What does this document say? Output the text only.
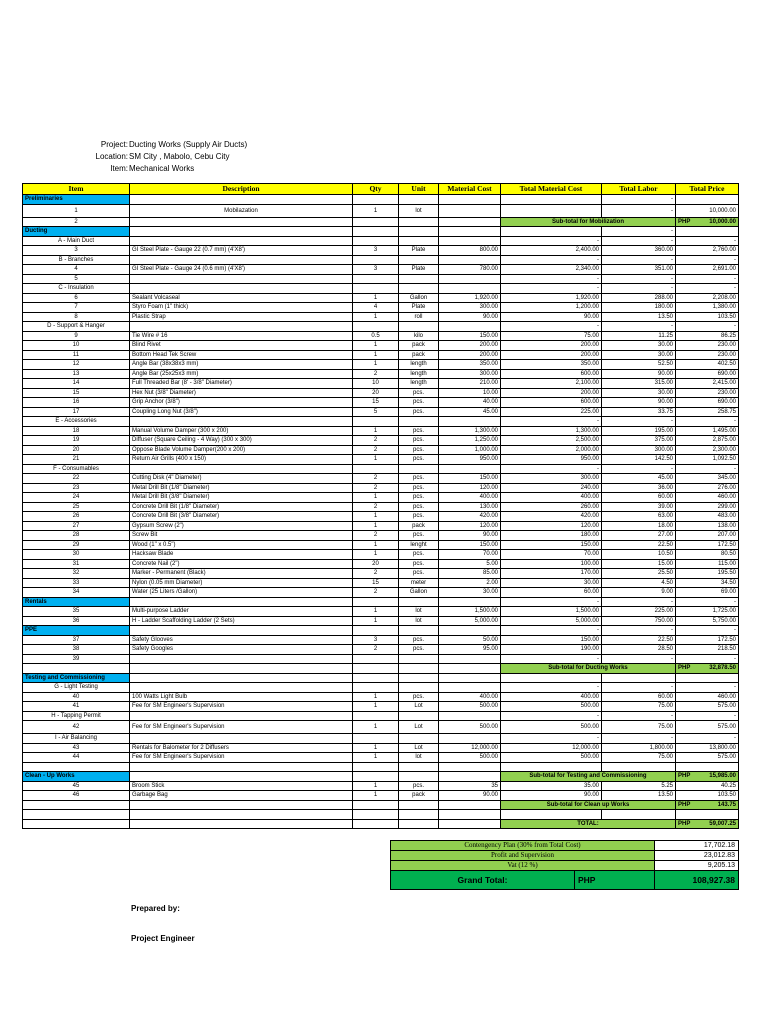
Project: Ducting Works (Supply Air Ducts)
Location: SM City , Mabolo, Cebu City
Item: Mechanical Works
Item	Description	Qty	Unit	Material Cost	Total Material Cost	Total Labor	Total Price
Preliminaries						-	
1	Mobilazation	1	lot			-	10,000.00
2					Sub-total for Mobilization		PHP 10,000.00

Ducting						-	
A - Main Duct					-	-	-
3	GI Steel Plate - Gauge 22 (0.7 mm) (4'X8')	3	Plate	800.00	2,400.00	360.00	2,760.00
B - Branches					-	-	-
4	GI Steel Plate - Gauge 24 (0.6 mm) (4'X8')	3	Plate	780.00	2,340.00	351.00	2,691.00
5					-	-	-
C - Insulation					-	-	-
6	Sealant Volcaseal	1	Gallon	1,920.00	1,920.00	288.00	2,208.00
7	Styro Foam (1" thick)	4	Plate	300.00	1,200.00	180.00	1,380.00
8	Plastic Strap	1	roll	90.00	90.00	13.50	103.50
D - Support & Hanger					-	-	-
9	Tie Wire # 16	0.5	kilo	150.00	75.00	11.25	86.25
10	Blind Rivet	1	pack	200.00	200.00	30.00	230.00
11	Bottom Head Tek Screw	1	pack	200.00	200.00	30.00	230.00
12	Angle Bar (38x38x3 mm)	1	length	350.00	350.00	52.50	402.50
13	Angle Bar (25x25x3 mm)	2	length	300.00	600.00	90.00	690.00
14	Full Threaded Bar (8' - 3/8" Diameter)	10	length	210.00	2,100.00	315.00	2,415.00
15	Hex Nut (3/8" Diameter)	20	pcs.	10.00	200.00	30.00	230.00
16	Grip Anchor (3/8")	15	pcs.	40.00	600.00	90.00	690.00
17	Coupling Long Nut (3/8")	5	pcs.	45.00	225.00	33.75	258.75
E - Accessories					-	-	-
18	Manual Volume Damper (300 x 200)	1	pcs.	1,300.00	1,300.00	195.00	1,495.00
19	Diffuser (Square Ceiling - 4 Way) (300 x 300)	2	pcs.	1,250.00	2,500.00	375.00	2,875.00
20	Oppose Blade Volume Damper(200 x 200)	2	pcs.	1,000.00	2,000.00	300.00	2,300.00
21	Return Air Grills (400 x 150)	1	pcs.	950.00	950.00	142.50	1,092.50
F - Consumables					-	-	-
22	Cutting Disk (4" Diameter)	2	pcs.	150.00	300.00	45.00	345.00
23	Metal Drill Bit (1/8" Diameter)	2	pcs.	120.00	240.00	36.00	276.00
24	Metal Drill Bit (3/8" Diameter)	1	pcs.	400.00	400.00	60.00	460.00
25	Concrete Drill Bit (1/8" Diameter)	2	pcs.	130.00	260.00	39.00	299.00
26	Concrete Drill Bit (3/8" Diameter)	1	pcs.	420.00	420.00	63.00	483.00
27	Gypsum Screw (2")	1	pack	120.00	120.00	18.00	138.00
28	Screw Bit	2	pcs.	90.00	180.00	27.00	207.00
29	Wood (1" x 0.5")	1	lenght	150.00	150.00	22.50	172.50
30	Hacksaw Blade	1	pcs.	70.00	70.00	10.50	80.50
31	Concrete Nail (2")	20	pcs.	5.00	100.00	15.00	115.00
32	Marker - Permanent (Black)	2	pcs.	85.00	170.00	25.50	195.50
33	Nylon (0.05 mm Diameter)	15	meter	2.00	30.00	4.50	34.50
34	Water (25 Liters /Gallon)	2	Gallon	30.00	60.00	9.00	69.00
Rentals					-	-	-
35	Multi-purpose Ladder	1	lot	1,500.00	1,500.00	225.00	1,725.00
36	H - Ladder Scaffolding Ladder (2 Sets)	1	lot	5,000.00	5,000.00	750.00	5,750.00
PPE					-	-	-
37	Safety Glooves	3	pcs.	50.00	150.00	22.50	172.50
38	Safety Googles	2	pcs.	95.00	190.00	28.50	218.50
39					-	-	-
					Sub-total for Ducting Works		PHP 32,878.50

Testing and Commissioning							
G - Light Testing					-	-	-
40	100 Watts Light Bulb	1	pcs.	400.00	400.00	60.00	460.00
41	Fee for SM Engineer's Supervision	1	Lot	500.00	500.00	75.00	575.00
H - Tapping Permit					-	-	-
42	Fee for SM Engineer's Supervision	1	Lot	500.00	500.00	75.00	575.00
I - Air Balancing					-	-	-
43	Rentals for Balometer for 2 Diffusers	1	Lot	12,000.00	12,000.00	1,800.00	13,800.00
44	Fee for SM Engineer's Supervision	1	lot	500.00	500.00	75.00	575.00

Clean - Up Works					Sub-total for Testing and Commissioning		PHP 15,985.00

45	Broom Stick	1	pcs.	35	35.00	5.25	40.25
46	Garbage Bag	1	pack	90.00	90.00	13.50	103.50
					Sub-total for Clean up Works		PHP 143.75

					TOTAL:		PHP 59,007.25
Contengency Plan (30% from Total Cost)		17,702.18
Profit and Supervision		23,012.83
Vat (12 %)		9,205.13
Grand Total:	PHP	108,927.38
Prepared by:
Project Engineer
